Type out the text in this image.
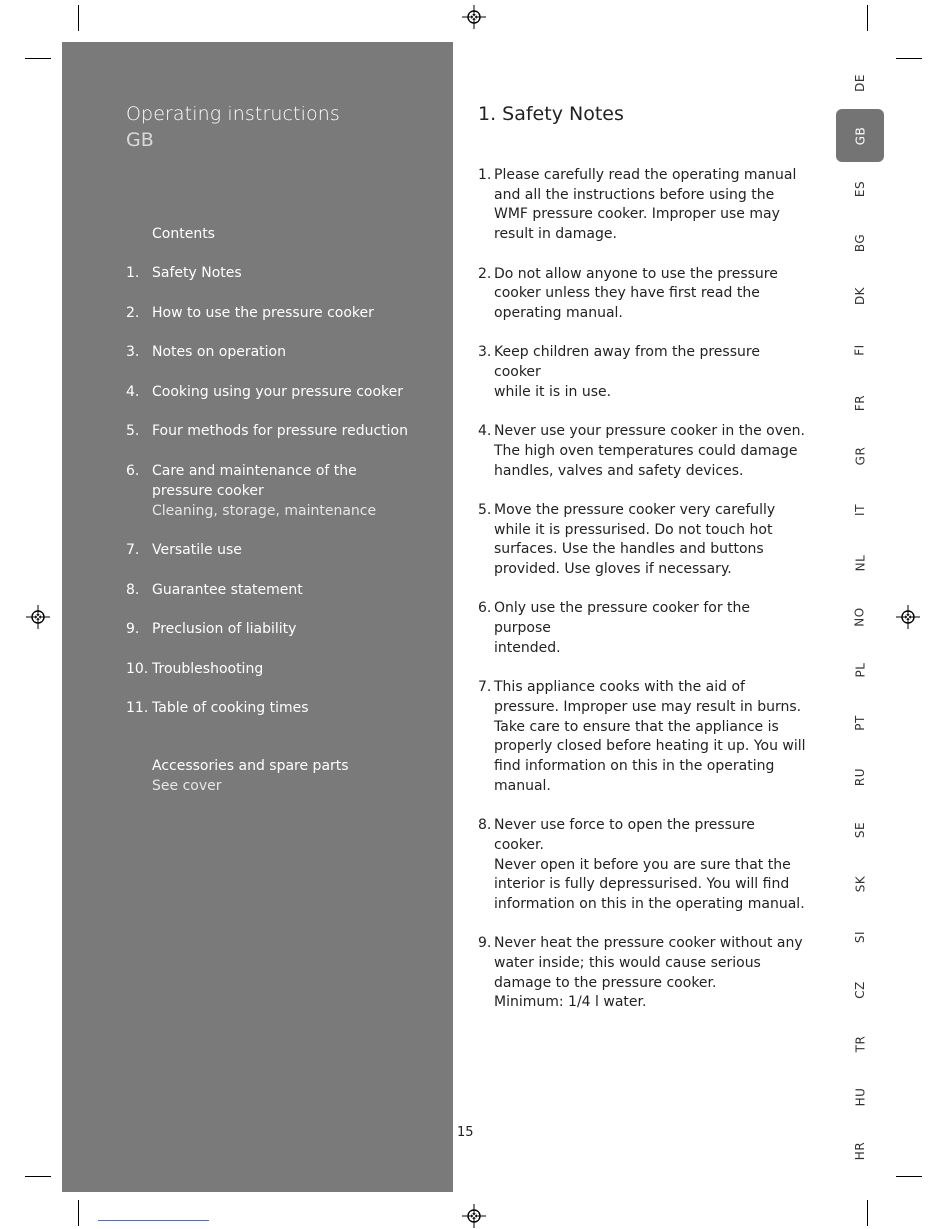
Operating instructions
GB
Contents
1. Safety Notes
2. How to use the pressure cooker
3. Notes on operation
4. Cooking using your pressure cooker
5. Four methods for pressure reduction
6. Care and maintenance of the pressure cooker
Cleaning, storage, maintenance
7. Versatile use
8. Guarantee statement
9. Preclusion of liability
10. Troubleshooting
11. Table of cooking times
Accessories and spare parts
See cover
1. Safety Notes
1. Please carefully read the operating manual
and all the instructions before using the
WMF pressure cooker. Improper use may
result in damage.
2. Do not allow anyone to use the pressure
cooker unless they have first read the
operating manual.
3. Keep children away from the pressure cooker
while it is in use.
4. Never use your pressure cooker in the oven.
The high oven temperatures could damage
handles, valves and safety devices.
5. Move the pressure cooker very carefully
while it is pressurised. Do not touch hot
surfaces. Use the handles and buttons
provided. Use gloves if necessary.
6. Only use the pressure cooker for the purpose
intended.
7. This appliance cooks with the aid of
pressure. Improper use may result in burns.
Take care to ensure that the appliance is
properly closed before heating it up. You will
find information on this in the operating
manual.
8. Never use force to open the pressure cooker.
Never open it before you are sure that the
interior is fully depressurised. You will find
information on this in the operating manual.
9. Never heat the pressure cooker without any
water inside; this would cause serious
damage to the pressure cooker.
Minimum: 1/4 l water.
15
DE
GB
ES
BG
DK
FI
FR
GR
IT
NL
NO
PL
PT
RU
SE
SK
SI
CZ
TR
HU
HR
